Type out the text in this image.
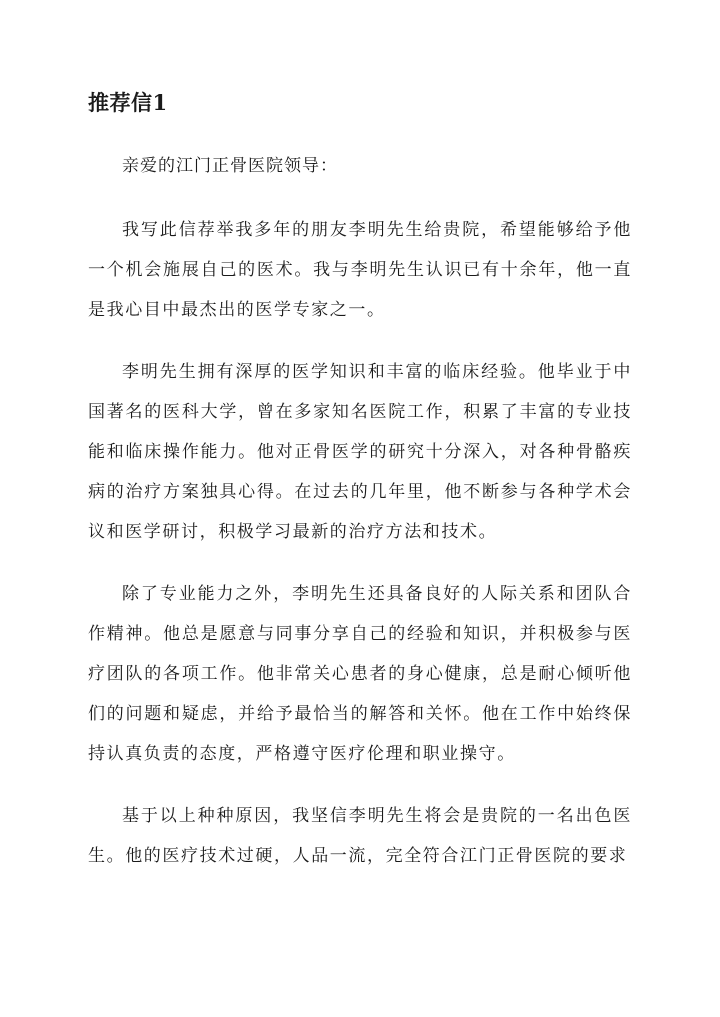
推荐信1

亲爱的江门正骨医院领导：

我写此信荐举我多年的朋友李明先生给贵院，希望能够给予他一个机会施展自己的医术。我与李明先生认识已有十余年，他一直是我心目中最杰出的医学专家之一。

李明先生拥有深厚的医学知识和丰富的临床经验。他毕业于中国著名的医科大学，曾在多家知名医院工作，积累了丰富的专业技能和临床操作能力。他对正骨医学的研究十分深入，对各种骨骼疾病的治疗方案独具心得。在过去的几年里，他不断参与各种学术会议和医学研讨，积极学习最新的治疗方法和技术。

除了专业能力之外，李明先生还具备良好的人际关系和团队合作精神。他总是愿意与同事分享自己的经验和知识，并积极参与医疗团队的各项工作。他非常关心患者的身心健康，总是耐心倾听他们的问题和疑虑，并给予最恰当的解答和关怀。他在工作中始终保持认真负责的态度，严格遵守医疗伦理和职业操守。

基于以上种种原因，我坚信李明先生将会是贵院的一名出色医生。他的医疗技术过硬，人品一流，完全符合江门正骨医院的要求
